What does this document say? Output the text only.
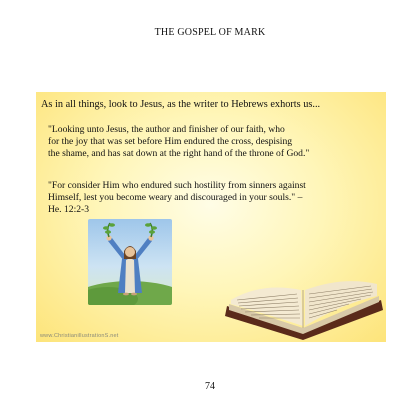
THE GOSPEL OF MARK
As in all things, look to Jesus, as the writer to Hebrews exhorts us...
"Looking unto Jesus, the author and finisher of our faith, who
for the joy that was set before Him endured the cross, despising
the shame, and has sat down at the right hand of the throne of God."
"For consider Him who endured such hostility from sinners against
Himself, lest you become weary and discouraged in your souls." –
He. 12:2-3
www.ChristianillustrationS.net
74
